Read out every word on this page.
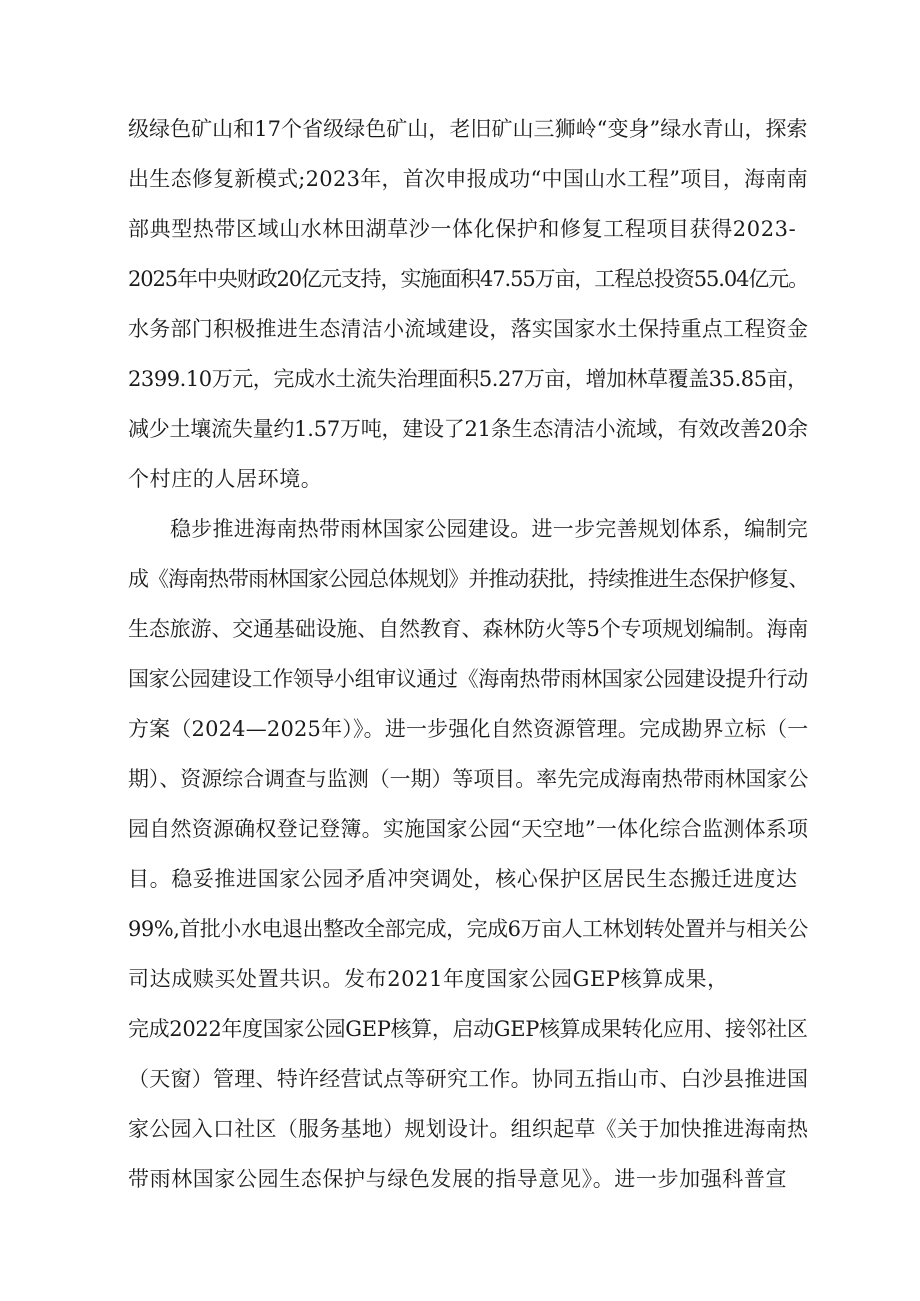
级绿色矿山和17个省级绿色矿山，老旧矿山三狮岭“变身”绿水青山，探索
出生态修复新模式;2023年，首次申报成功“中国山水工程”项目，海南南
部典型热带区域山水林田湖草沙一体化保护和修复工程项目获得2023-
2025年中央财政20亿元支持，实施面积47.55万亩，工程总投资55.04亿元。
水务部门积极推进生态清洁小流域建设，落实国家水土保持重点工程资金
2399.10万元，完成水土流失治理面积5.27万亩，增加林草覆盖35.85亩，
减少土壤流失量约1.57万吨，建设了21条生态清洁小流域，有效改善20余
个村庄的人居环境。
稳步推进海南热带雨林国家公园建设。进一步完善规划体系，编制完
成《海南热带雨林国家公园总体规划》并推动获批，持续推进生态保护修复、
生态旅游、交通基础设施、自然教育、森林防火等5个专项规划编制。海南
国家公园建设工作领导小组审议通过《海南热带雨林国家公园建设提升行动
方案（2024—2025年）》。进一步强化自然资源管理。完成勘界立标（一
期）、资源综合调查与监测（一期）等项目。率先完成海南热带雨林国家公
园自然资源确权登记登簿。实施国家公园“天空地”一体化综合监测体系项
目。稳妥推进国家公园矛盾冲突调处，核心保护区居民生态搬迁进度达
99%,首批小水电退出整改全部完成，完成6万亩人工林划转处置并与相关公
司达成赎买处置共识。发布2021年度国家公园GEP核算成果，
完成2022年度国家公园GEP核算，启动GEP核算成果转化应用、接邻社区
（天窗）管理、特许经营试点等研究工作。协同五指山市、白沙县推进国
家公园入口社区（服务基地）规划设计。组织起草《关于加快推进海南热
带雨林国家公园生态保护与绿色发展的指导意见》。进一步加强科普宣
